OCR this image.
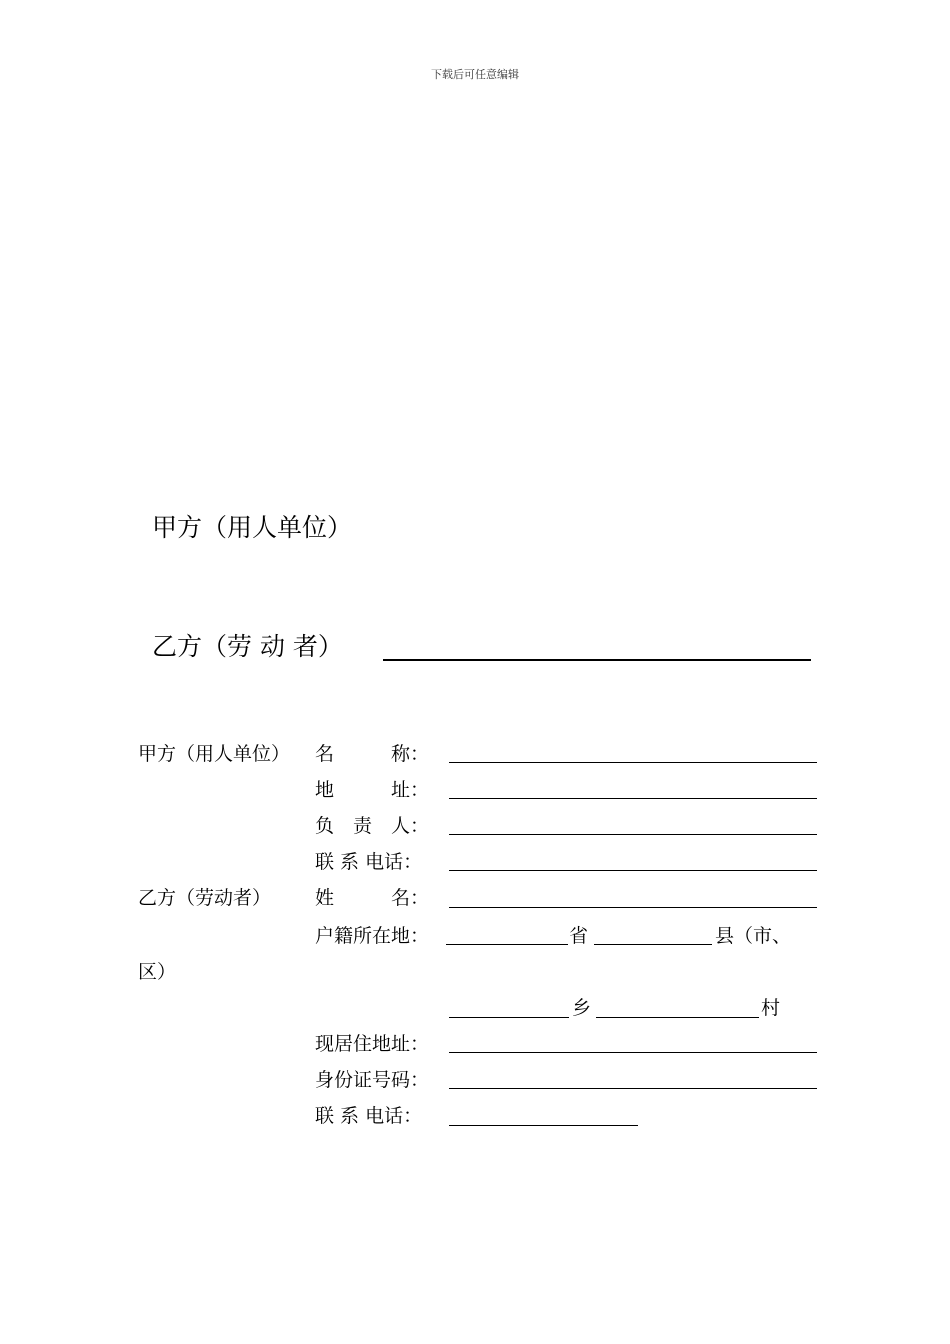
下载后可任意编辑
甲方（用人单位）
乙方（劳 动 者）
甲方（用人单位） 名　　　称：
地　　　址：
负　责　人：
联 系 电话：
乙方（劳动者） 姓　　　名：
户籍所在地：	省	县（市、
区）
乡	村
现居住地址：
身份证号码：
联 系 电话：
